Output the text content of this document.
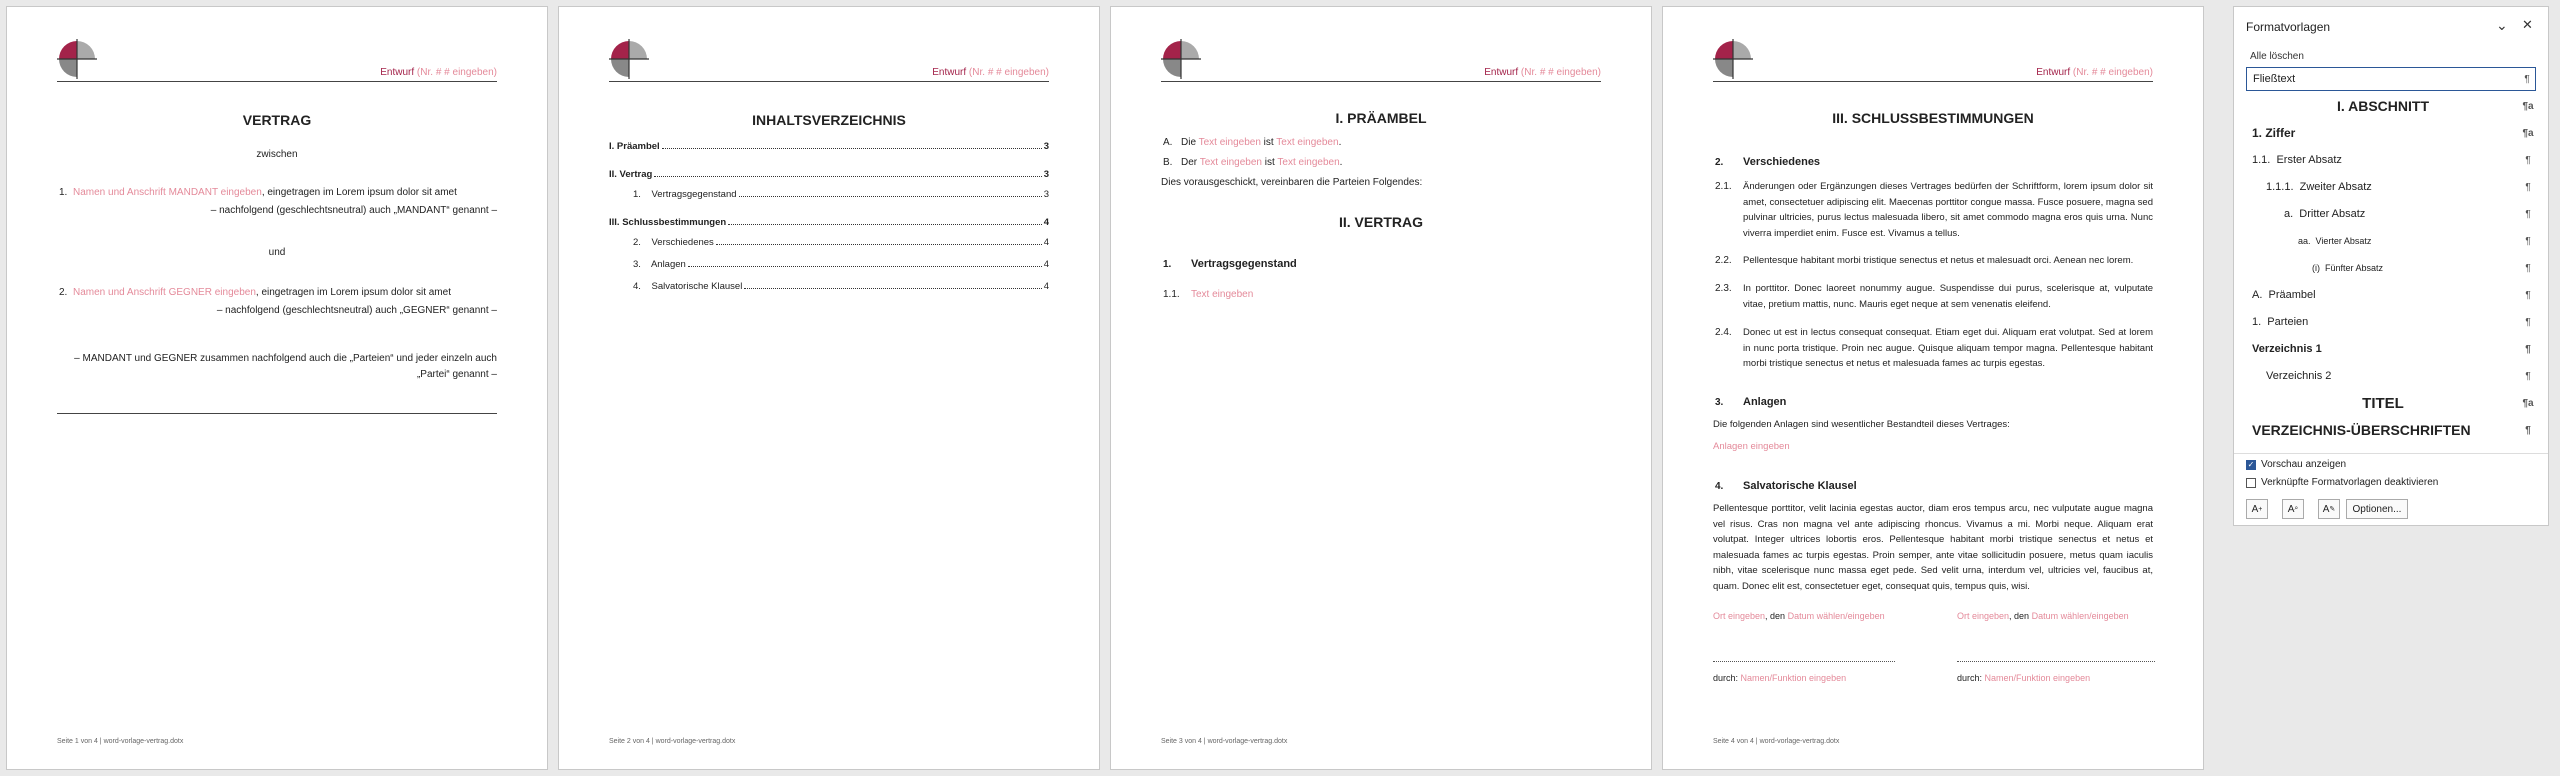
Entwurf (Nr. # # eingeben)
VERTRAG
zwischen
1. Namen und Anschrift MANDANT eingeben, eingetragen im Lorem ipsum dolor sit amet
– nachfolgend (geschlechtsneutral) auch „MANDANT“ genannt –
und
2. Namen und Anschrift GEGNER eingeben, eingetragen im Lorem ipsum dolor sit amet
– nachfolgend (geschlechtsneutral) auch „GEGNER“ genannt –
– MANDANT und GEGNER zusammen nachfolgend auch die „Parteien“ und jeder einzeln auch
„Partei“ genannt –
Seite 1 von 4 | word-vorlage-vertrag.dotx
Entwurf (Nr. # # eingeben)
INHALTSVERZEICHNIS
I. Präambel	3
II. Vertrag	3
1.    Vertragsgegenstand	3
III. Schlussbestimmungen	4
2.    Verschiedenes	4
3.    Anlagen	4
4.    Salvatorische Klausel	4
Seite 2 von 4 | word-vorlage-vertrag.dotx
Entwurf (Nr. # # eingeben)
I. PRÄAMBEL
A. Die Text eingeben ist Text eingeben.
B. Der Text eingeben ist Text eingeben.
Dies vorausgeschickt, vereinbaren die Parteien Folgendes:
II. VERTRAG
1. Vertragsgegenstand
1.1. Text eingeben
Seite 3 von 4 | word-vorlage-vertrag.dotx
Entwurf (Nr. # # eingeben)
III. SCHLUSSBESTIMMUNGEN
2. Verschiedenes
2.1. Änderungen oder Ergänzungen dieses Vertrages bedürfen der Schriftform, lorem ipsum dolor sit amet, consectetuer adipiscing elit. Maecenas porttitor congue massa. Fusce posuere, magna sed pulvinar ultricies, purus lectus malesuada libero, sit amet commodo magna eros quis urna. Nunc viverra imperdiet enim. Fusce est. Vivamus a tellus.
2.2. Pellentesque habitant morbi tristique senectus et netus et malesuadt orci. Aenean nec lorem.
2.3. In porttitor. Donec laoreet nonummy augue. Suspendisse dui purus, scelerisque at, vulputate vitae, pretium mattis, nunc. Mauris eget neque at sem venenatis eleifend.
2.4. Donec ut est in lectus consequat consequat. Etiam eget dui. Aliquam erat volutpat. Sed at lorem in nunc porta tristique. Proin nec augue. Quisque aliquam tempor magna. Pellentesque habitant morbi tristique senectus et netus et malesuada fames ac turpis egestas.
3. Anlagen
Die folgenden Anlagen sind wesentlicher Bestandteil dieses Vertrages:
Anlagen eingeben
4. Salvatorische Klausel
Pellentesque porttitor, velit lacinia egestas auctor, diam eros tempus arcu, nec vulputate augue magna vel risus. Cras non magna vel ante adipiscing rhoncus. Vivamus a mi. Morbi neque. Aliquam erat volutpat. Integer ultrices lobortis eros. Pellentesque habitant morbi tristique senectus et netus et malesuada fames ac turpis egestas. Proin semper, ante vitae sollicitudin posuere, metus quam iaculis nibh, vitae scelerisque nunc massa eget pede. Sed velit urna, interdum vel, ultricies vel, faucibus at, quam. Donec elit est, consectetuer eget, consequat quis, tempus quis, wisi.
Ort eingeben, den Datum wählen/eingeben	Ort eingeben, den Datum wählen/eingeben
durch: Namen/Funktion eingeben	durch: Namen/Funktion eingeben
Seite 4 von 4 | word-vorlage-vertrag.dotx
Formatvorlagen	⌄ ✕
Alle löschen
Fließtext	¶
I. ABSCHNITT	¶a
1. Ziffer	¶a
1.1.  Erster Absatz	¶
1.1.1.  Zweiter Absatz	¶
a.  Dritter Absatz	¶
aa.  Vierter Absatz	¶
(i)  Fünfter Absatz	¶
A.  Präambel	¶
1.  Parteien	¶
Verzeichnis 1	¶
Verzeichnis 2	¶
TITEL	¶a
VERZEICHNIS-ÜBERSCHRIFTEN	¶
✓ Vorschau anzeigen
Verknüpfte Formatvorlagen deaktivieren
A +	A ⌕ A ✎	Optionen...
